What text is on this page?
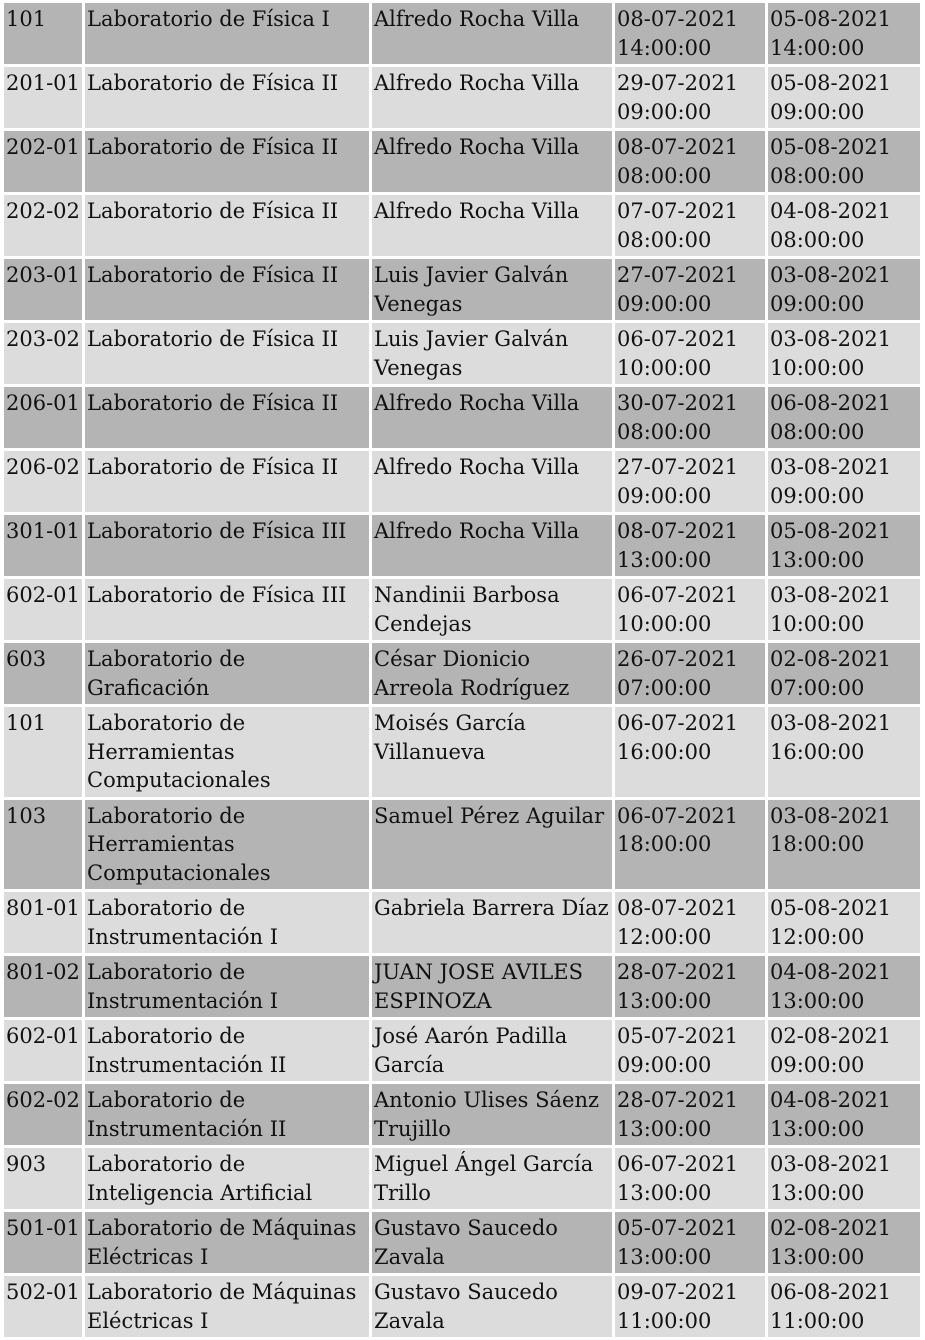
101	Laboratorio de Física I	Alfredo Rocha Villa	08-07-2021 14:00:00	05-08-2021 14:00:00
201-01	Laboratorio de Física II	Alfredo Rocha Villa	29-07-2021 09:00:00	05-08-2021 09:00:00
202-01	Laboratorio de Física II	Alfredo Rocha Villa	08-07-2021 08:00:00	05-08-2021 08:00:00
202-02	Laboratorio de Física II	Alfredo Rocha Villa	07-07-2021 08:00:00	04-08-2021 08:00:00
203-01	Laboratorio de Física II	Luis Javier Galván Venegas	27-07-2021 09:00:00	03-08-2021 09:00:00
203-02	Laboratorio de Física II	Luis Javier Galván Venegas	06-07-2021 10:00:00	03-08-2021 10:00:00
206-01	Laboratorio de Física II	Alfredo Rocha Villa	30-07-2021 08:00:00	06-08-2021 08:00:00
206-02	Laboratorio de Física II	Alfredo Rocha Villa	27-07-2021 09:00:00	03-08-2021 09:00:00
301-01	Laboratorio de Física III	Alfredo Rocha Villa	08-07-2021 13:00:00	05-08-2021 13:00:00
602-01	Laboratorio de Física III	Nandinii Barbosa Cendejas	06-07-2021 10:00:00	03-08-2021 10:00:00
603	Laboratorio de Graficación	César Dionicio Arreola Rodríguez	26-07-2021 07:00:00	02-08-2021 07:00:00
101	Laboratorio de Herramientas Computacionales	Moisés García Villanueva	06-07-2021 16:00:00	03-08-2021 16:00:00
103	Laboratorio de Herramientas Computacionales	Samuel Pérez Aguilar	06-07-2021 18:00:00	03-08-2021 18:00:00
801-01	Laboratorio de Instrumentación I	Gabriela Barrera Díaz	08-07-2021 12:00:00	05-08-2021 12:00:00
801-02	Laboratorio de Instrumentación I	JUAN JOSE AVILES ESPINOZA	28-07-2021 13:00:00	04-08-2021 13:00:00
602-01	Laboratorio de Instrumentación II	José Aarón Padilla García	05-07-2021 09:00:00	02-08-2021 09:00:00
602-02	Laboratorio de Instrumentación II	Antonio Ulises Sáenz Trujillo	28-07-2021 13:00:00	04-08-2021 13:00:00
903	Laboratorio de Inteligencia Artificial	Miguel Ángel García Trillo	06-07-2021 13:00:00	03-08-2021 13:00:00
501-01	Laboratorio de Máquinas Eléctricas I	Gustavo Saucedo Zavala	05-07-2021 13:00:00	02-08-2021 13:00:00
502-01	Laboratorio de Máquinas Eléctricas I	Gustavo Saucedo Zavala	09-07-2021 11:00:00	06-08-2021 11:00:00
